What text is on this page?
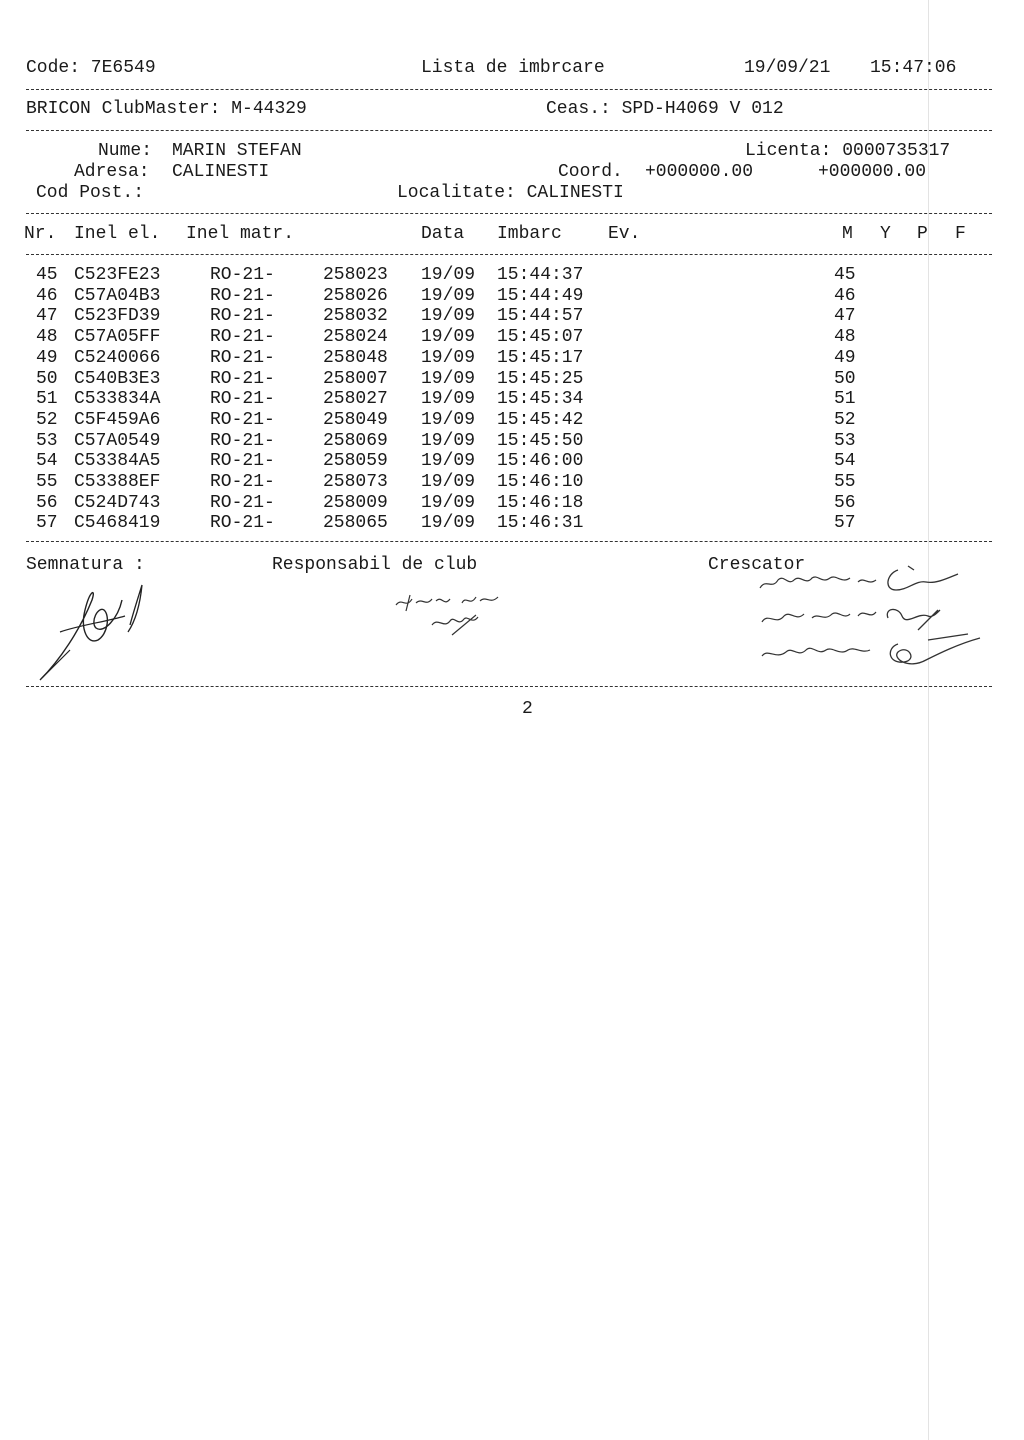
Code: 7E6549	Lista de imbrcare	19/09/21 15:47:06
BRICON ClubMaster: M-44329	Ceas.: SPD-H4069 V 012
Nume: MARIN STEFAN	Licenta: 0000735317
Adresa: CALINESTI	Coord. +000000.00	+000000.00
Cod Post.:	Localitate: CALINESTI
Nr. Inel el. Inel matr.	Data Imbarc	Ev.	M Y P F
45 C523FE23	RO-21-	258023 19/09 15:44:37	45
46 C57A04B3	RO-21-	258026 19/09 15:44:49	46
47 C523FD39	RO-21-	258032 19/09 15:44:57	47
48 C57A05FF	RO-21-	258024 19/09 15:45:07	48
49 C5240066	RO-21-	258048 19/09 15:45:17	49
50 C540B3E3	RO-21-	258007 19/09 15:45:25	50
51 C533834A	RO-21-	258027 19/09 15:45:34	51
52 C5F459A6	RO-21-	258049 19/09 15:45:42	52
53 C57A0549	RO-21-	258069 19/09 15:45:50	53
54 C53384A5	RO-21-	258059 19/09 15:46:00	54
55 C53388EF	RO-21-	258073 19/09 15:46:10	55
56 C524D743	RO-21-	258009 19/09 15:46:18	56
57 C5468419	RO-21-	258065 19/09 15:46:31	57
Semnatura :	Responsabil de club	Crescator
2
